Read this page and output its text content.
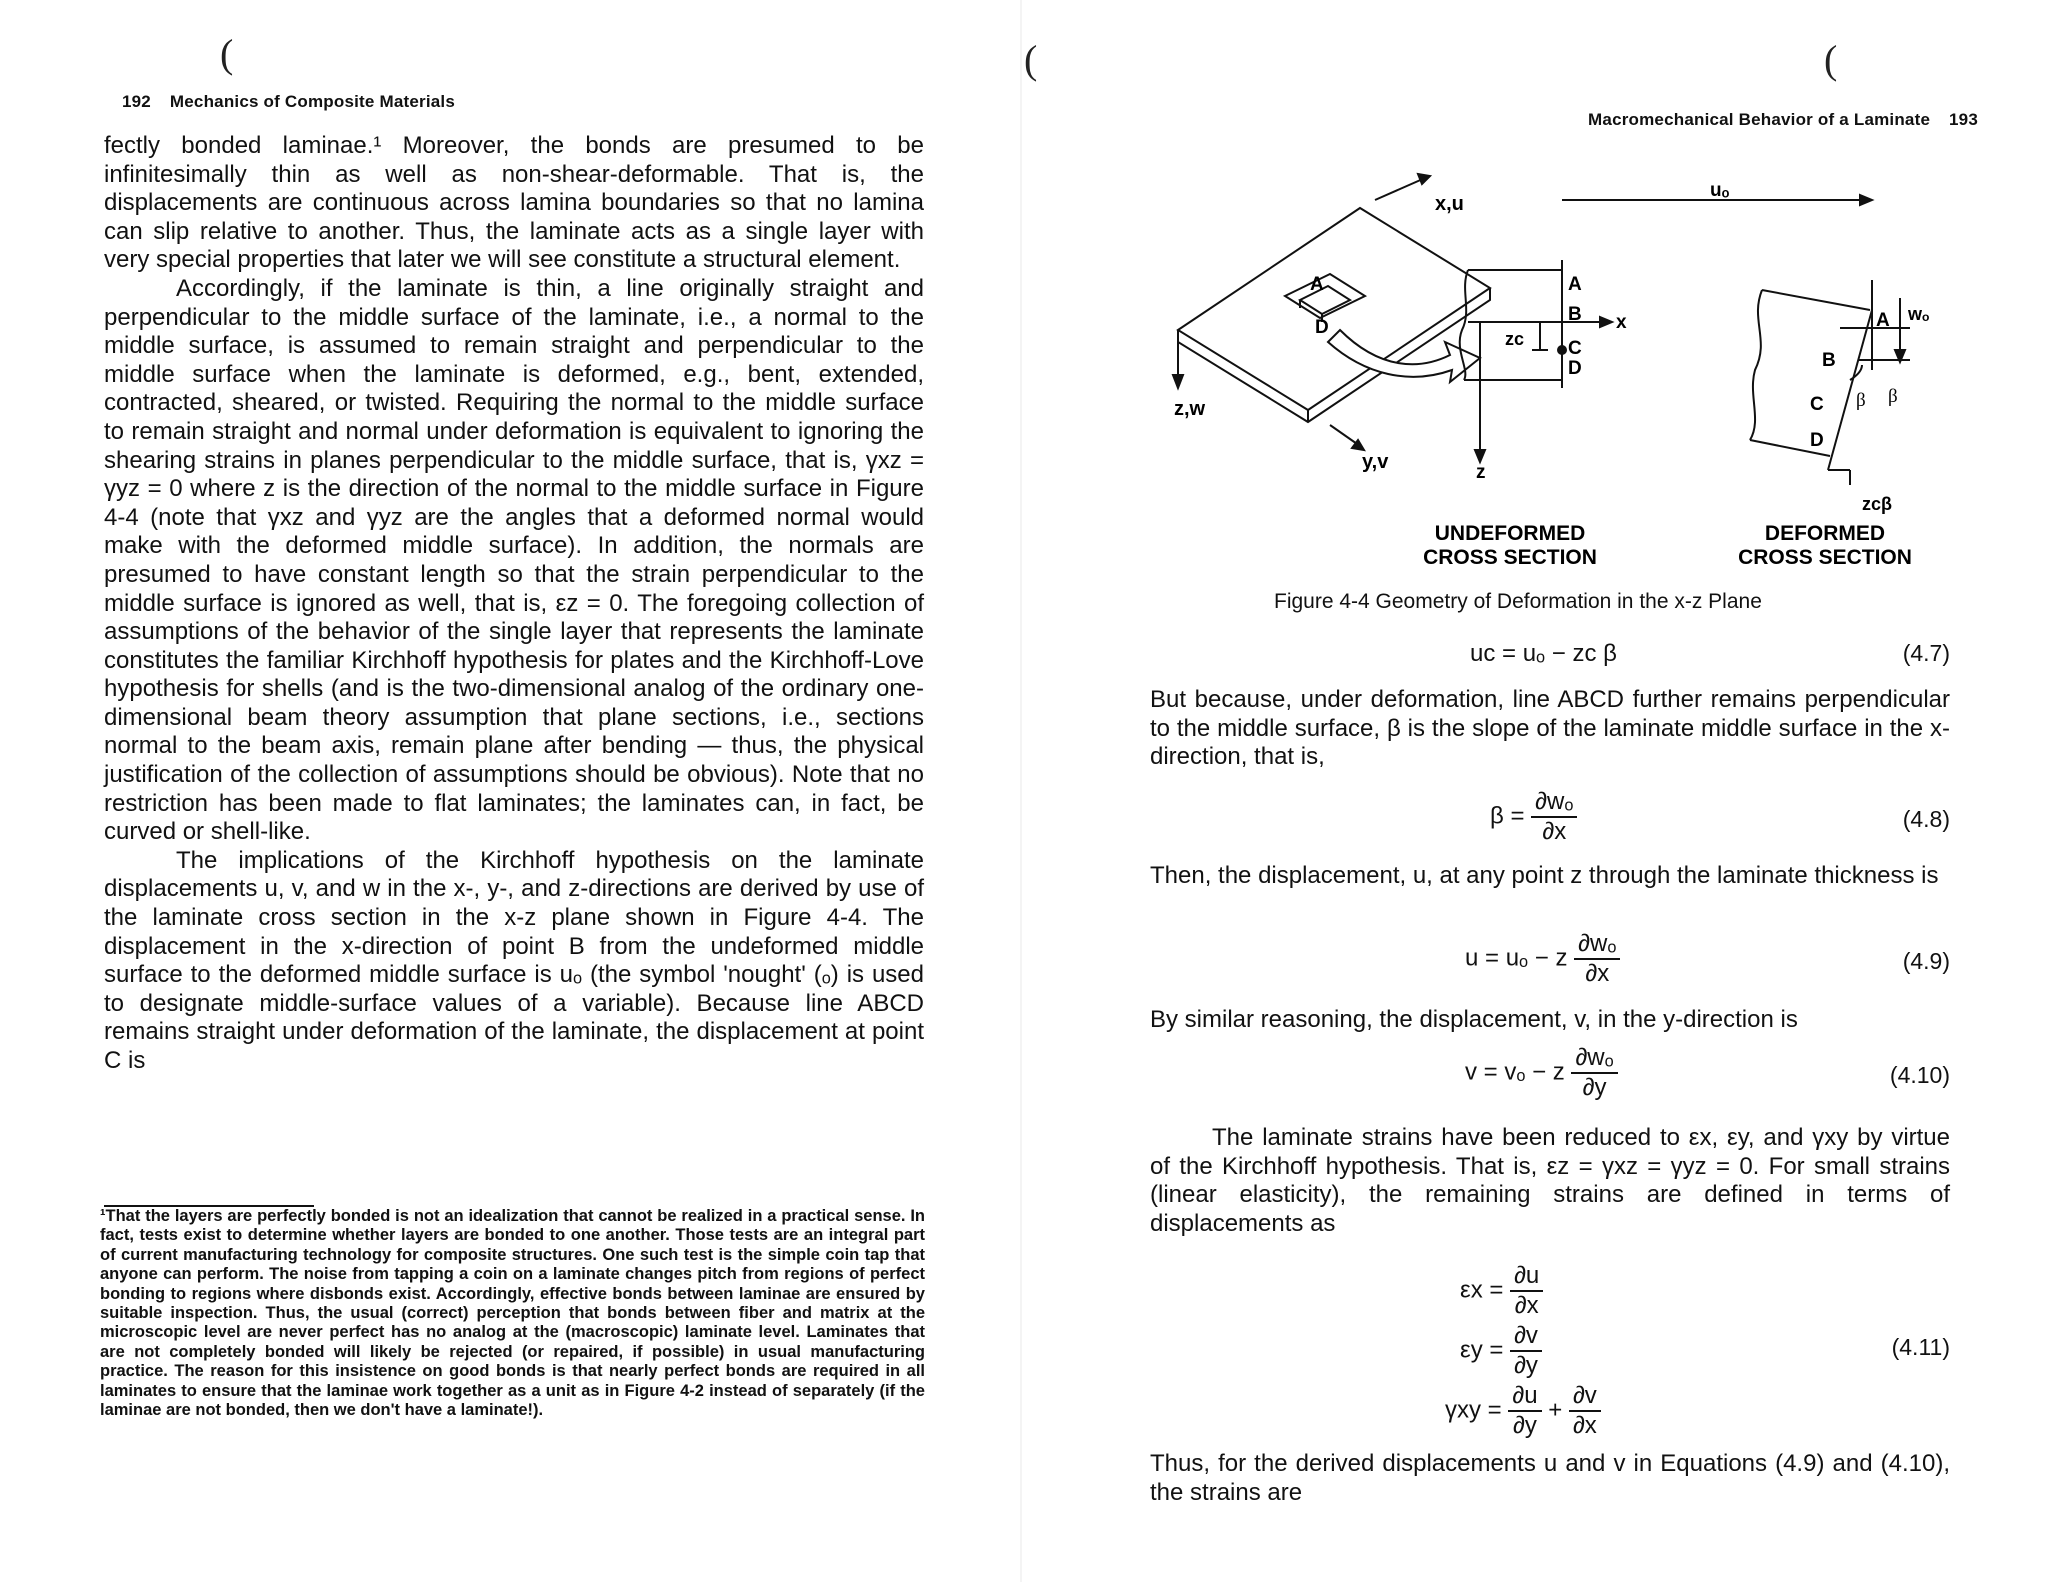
(
192 Mechanics of Composite Materials

fectly bonded laminae.¹ Moreover, the bonds are presumed to be infinitesimally thin as well as non-shear-deformable. That is, the displacements are continuous across lamina boundaries so that no lamina can slip relative to another. Thus, the laminate acts as a single layer with very special properties that later we will see constitute a structural element.

Accordingly, if the laminate is thin, a line originally straight and perpendicular to the middle surface of the laminate, i.e., a normal to the middle surface, is assumed to remain straight and perpendicular to the middle surface when the laminate is deformed, e.g., bent, extended, contracted, sheared, or twisted. Requiring the normal to the middle surface to remain straight and normal under deformation is equivalent to ignoring the shearing strains in planes perpendicular to the middle surface, that is, γxz = γyz = 0 where z is the direction of the normal to the middle surface in Figure 4-4 (note that γxz and γyz are the angles that a deformed normal would make with the deformed middle surface). In addition, the normals are presumed to have constant length so that the strain perpendicular to the middle surface is ignored as well, that is, εz = 0. The foregoing collection of assumptions of the behavior of the single layer that represents the laminate constitutes the familiar Kirchhoff hypothesis for plates and the Kirchhoff-Love hypothesis for shells (and is the two-dimensional analog of the ordinary one-dimensional beam theory assumption that plane sections, i.e., sections normal to the beam axis, remain plane after bending — thus, the physical justification of the collection of assumptions should be obvious). Note that no restriction has been made to flat laminates; the laminates can, in fact, be curved or shell-like.

The implications of the Kirchhoff hypothesis on the laminate displacements u, v, and w in the x-, y-, and z-directions are derived by use of the laminate cross section in the x-z plane shown in Figure 4-4. The displacement in the x-direction of point B from the undeformed middle surface to the deformed middle surface is uₒ (the symbol 'nought' (ₒ) is used to designate middle-surface values of a variable). Because line ABCD remains straight under deformation of the laminate, the displacement at point C is

¹That the layers are perfectly bonded is not an idealization that cannot be realized in a practical sense. In fact, tests exist to determine whether layers are bonded to one another. Those tests are an integral part of current manufacturing technology for composite structures. One such test is the simple coin tap that anyone can perform. The noise from tapping a coin on a laminate changes pitch from regions of perfect bonding to regions where disbonds exist. Accordingly, effective bonds between laminae are ensured by suitable inspection. Thus, the usual (correct) perception that bonds between fiber and matrix at the microscopic level are never perfect has no analog at the (macroscopic) laminate level. Laminates that are not completely bonded will likely be rejected (or repaired, if possible) in usual manufacturing practice. The reason for this insistence on good bonds is that nearly perfect bonds are required in all laminates to ensure that the laminae work together as a unit as in Figure 4-2 instead of separately (if the laminae are not bonded, then we don't have a laminate!).

(	(
Macromechanical Behavior of a Laminate 193
x,u
z,w
y,v
A
D
A
B x
C
D
zc
z
uₒ
A wₒ
B
C
D
β β
zcβ
UNDEFORMED
CROSS SECTION
DEFORMED
CROSS SECTION
Figure 4-4 Geometry of Deformation in the x-z Plane
uc = uₒ − zc β	(4.7)
But because, under deformation, line ABCD further remains perpendicular to the middle surface, β is the slope of the laminate middle surface in the x-direction, that is,
$\beta = \frac{\text{∂wₒ}}{\partial x}$	(4.8)
Then, the displacement, u, at any point z through the laminate thickness is
u = uₒ − z $\frac{\text{∂wₒ}}{\partial x}$	(4.9)
By similar reasoning, the displacement, v, in the y-direction is
v = vₒ − z $\frac{\text{∂wₒ}}{\partial y}$	(4.10)
The laminate strains have been reduced to εx, εy, and γxy by virtue of the Kirchhoff hypothesis. That is, εz = γxz = γyz = 0. For small strains (linear elasticity), the remaining strains are defined in terms of displacements as
$\varepsilon x = \frac{\partial u}{\partial x}$
$\varepsilon y = \frac{\partial v}{\partial y}$
$\gamma xy = \frac{\partial u}{\partial y} + \frac{\partial v}{\partial x}$
(4.11)
Thus, for the derived displacements u and v in Equations (4.9) and (4.10), the strains are
